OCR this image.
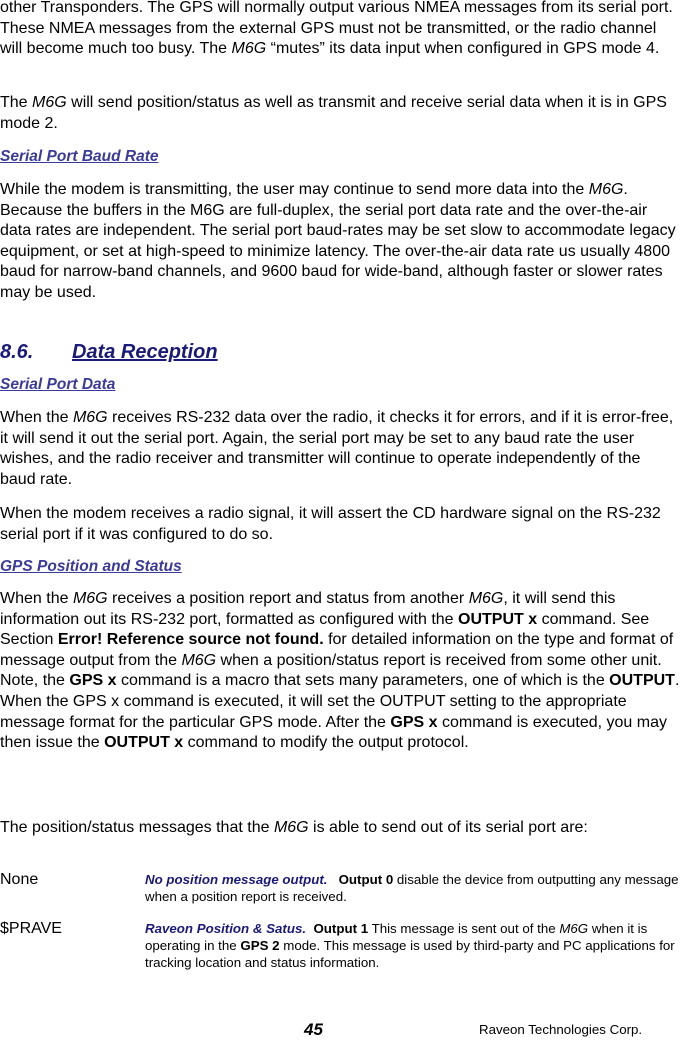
other Transponders. The GPS will normally output various NMEA messages from its serial port. These NMEA messages from the external GPS must not be transmitted, or the radio channel will become much too busy. The M6G “mutes” its data input when configured in GPS mode 4.

The M6G will send position/status as well as transmit and receive serial data when it is in GPS mode 2.

Serial Port Baud Rate

While the modem is transmitting, the user may continue to send more data into the M6G. Because the buffers in the M6G are full-duplex, the serial port data rate and the over-the-air data rates are independent. The serial port baud-rates may be set slow to accommodate legacy equipment, or set at high-speed to minimize latency. The over-the-air data rate us usually 4800 baud for narrow-band channels, and 9600 baud for wide-band, although faster or slower rates may be used.

8.6. Data Reception
Serial Port Data

When the M6G receives RS-232 data over the radio, it checks it for errors, and if it is error-free, it will send it out the serial port. Again, the serial port may be set to any baud rate the user wishes, and the radio receiver and transmitter will continue to operate independently of the baud rate.

When the modem receives a radio signal, it will assert the CD hardware signal on the RS-232 serial port if it was configured to do so.

GPS Position and Status

When the M6G receives a position report and status from another M6G, it will send this information out its RS-232 port, formatted as configured with the OUTPUT x command. See Section Error! Reference source not found. for detailed information on the type and format of message output from the M6G when a position/status report is received from some other unit. Note, the GPS x command is a macro that sets many parameters, one of which is the OUTPUT. When the GPS x command is executed, it will set the OUTPUT setting to the appropriate message format for the particular GPS mode. After the GPS x command is executed, you may then issue the OUTPUT x command to modify the output protocol.

The position/status messages that the M6G is able to send out of its serial port are:

None	No position message output. Output 0 disable the device from outputting any message when a position report is received.
$PRAVE	Raveon Position & Satus. Output 1 This message is sent out of the M6G when it is operating in the GPS 2 mode. This message is used by third-party and PC applications for tracking location and status information.
45	Raveon Technologies Corp.
